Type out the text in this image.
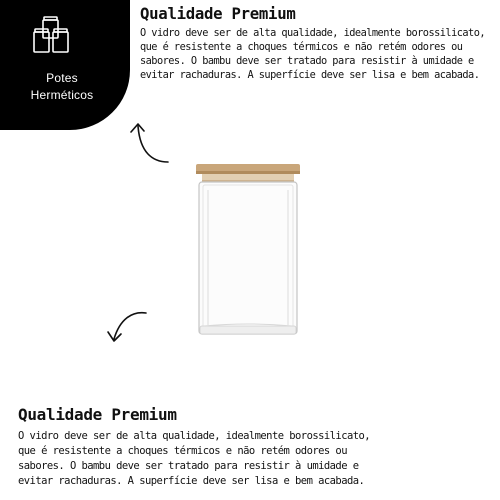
Potes
Herméticos
Qualidade Premium
O vidro deve ser de alta qualidade, idealmente borossilicato,
que é resistente a choques térmicos e não retém odores ou
sabores. O bambu deve ser tratado para resistir à umidade e
evitar rachaduras. A superfície deve ser lisa e bem acabada.
Qualidade Premium
O vidro deve ser de alta qualidade, idealmente borossilicato,
que é resistente a choques térmicos e não retém odores ou
sabores. O bambu deve ser tratado para resistir à umidade e
evitar rachaduras. A superfície deve ser lisa e bem acabada.
